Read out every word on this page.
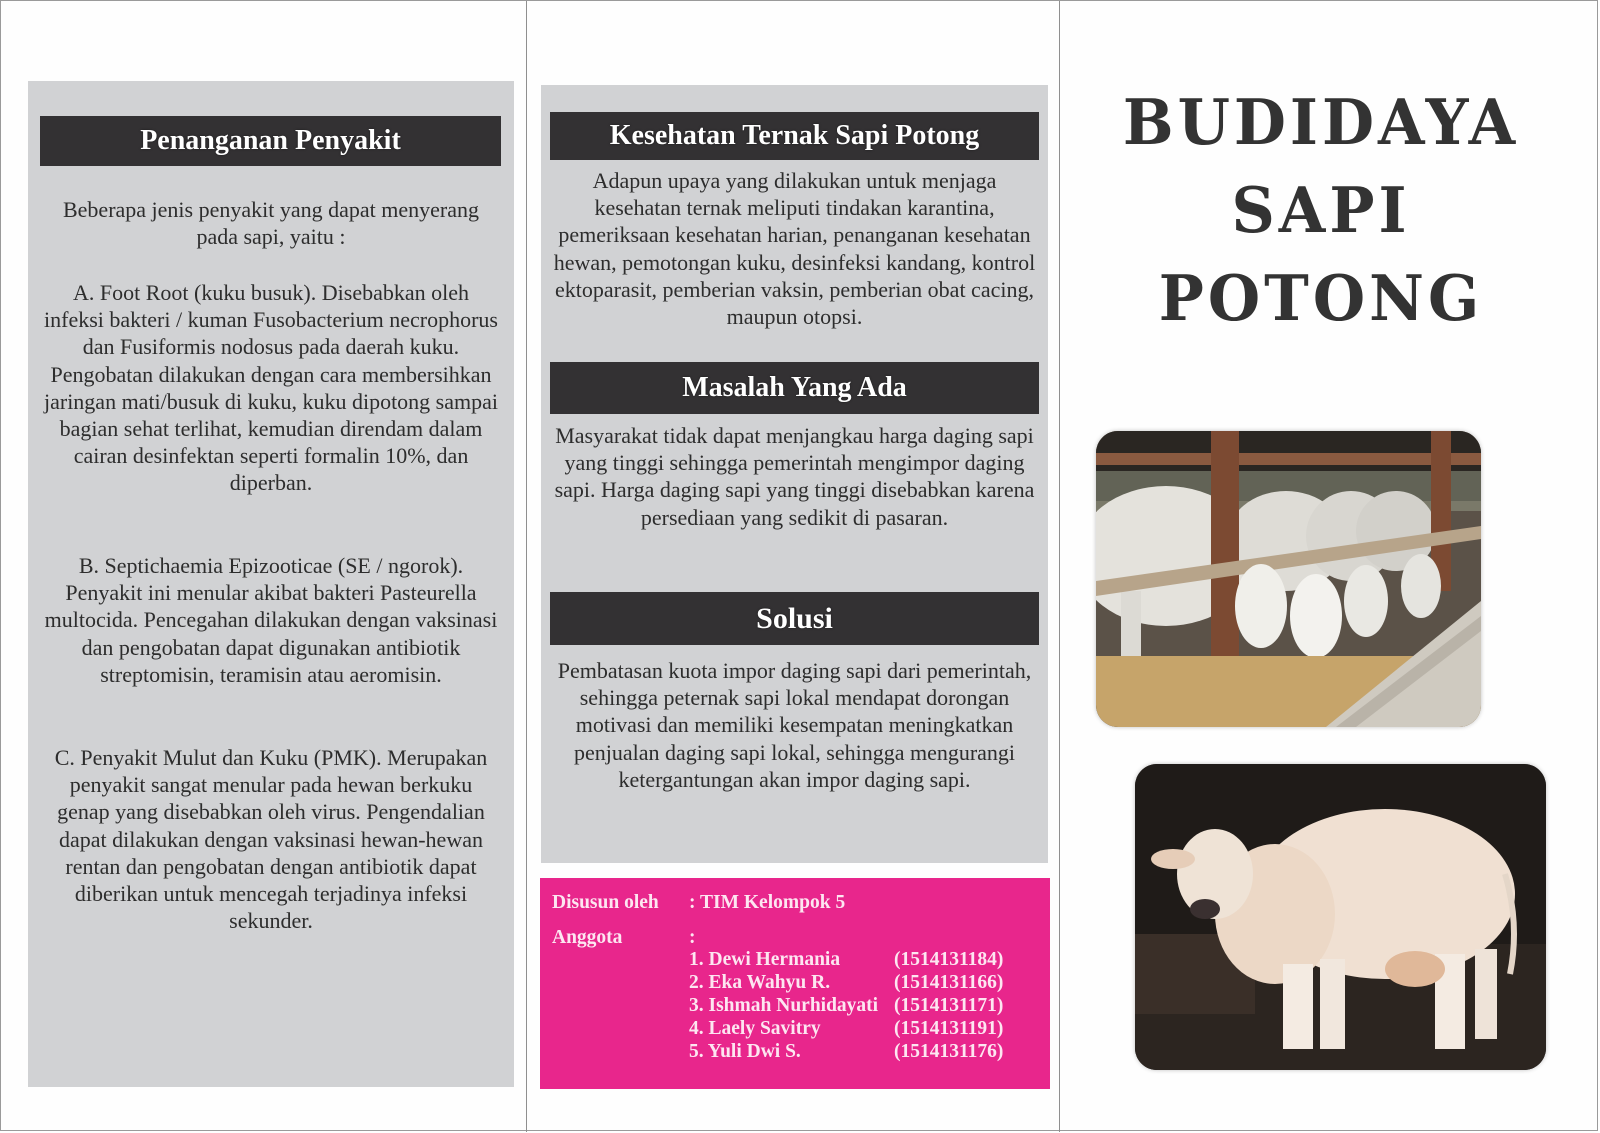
Penanganan Penyakit

Beberapa jenis penyakit yang dapat menyerang pada sapi, yaitu :

A. Foot Root (kuku busuk). Disebabkan oleh infeksi bakteri / kuman Fusobacterium necrophorus dan Fusiformis nodosus pada daerah kuku. Pengobatan dilakukan dengan cara membersihkan jaringan mati/busuk di kuku, kuku dipotong sampai bagian sehat terlihat, kemudian direndam dalam cairan desinfektan seperti formalin 10%, dan diperban.

B. Septichaemia Epizooticae (SE / ngorok). Penyakit ini menular akibat bakteri Pasteurella multocida. Pencegahan dilakukan dengan vaksinasi dan pengobatan dapat digunakan antibiotik streptomisin, teramisin atau aeromisin.

C. Penyakit Mulut dan Kuku (PMK). Merupakan penyakit sangat menular pada hewan berkuku genap yang disebabkan oleh virus. Pengendalian dapat dilakukan dengan vaksinasi hewan-hewan rentan dan pengobatan dengan antibiotik dapat diberikan untuk mencegah terjadinya infeksi sekunder.

Kesehatan Ternak Sapi Potong

Adapun upaya yang dilakukan untuk menjaga kesehatan ternak meliputi tindakan karantina, pemeriksaan kesehatan harian, penanganan kesehatan hewan, pemotongan kuku, desinfeksi kandang, kontrol ektoparasit, pemberian vaksin, pemberian obat cacing, maupun otopsi.

Masalah Yang Ada

Masyarakat tidak dapat menjangkau harga daging sapi yang tinggi sehingga pemerintah mengimpor daging sapi. Harga daging sapi yang tinggi disebabkan karena persediaan yang sedikit di pasaran.

Solusi

Pembatasan kuota impor daging sapi dari pemerintah, sehingga peternak sapi lokal mendapat dorongan motivasi dan memiliki kesempatan meningkatkan penjualan daging sapi lokal, sehingga mengurangi ketergantungan akan impor daging sapi.

Disusun oleh : TIM Kelompok 5
Anggota	:
1. Dewi Hermania	(1514131184)
2. Eka Wahyu R.	(1514131166)
3. Ishmah Nurhidayati (1514131171)
4. Laely Savitry	(1514131191)
5. Yuli Dwi S.	(1514131176)
BUDIDAYA
SAPI
POTONG
